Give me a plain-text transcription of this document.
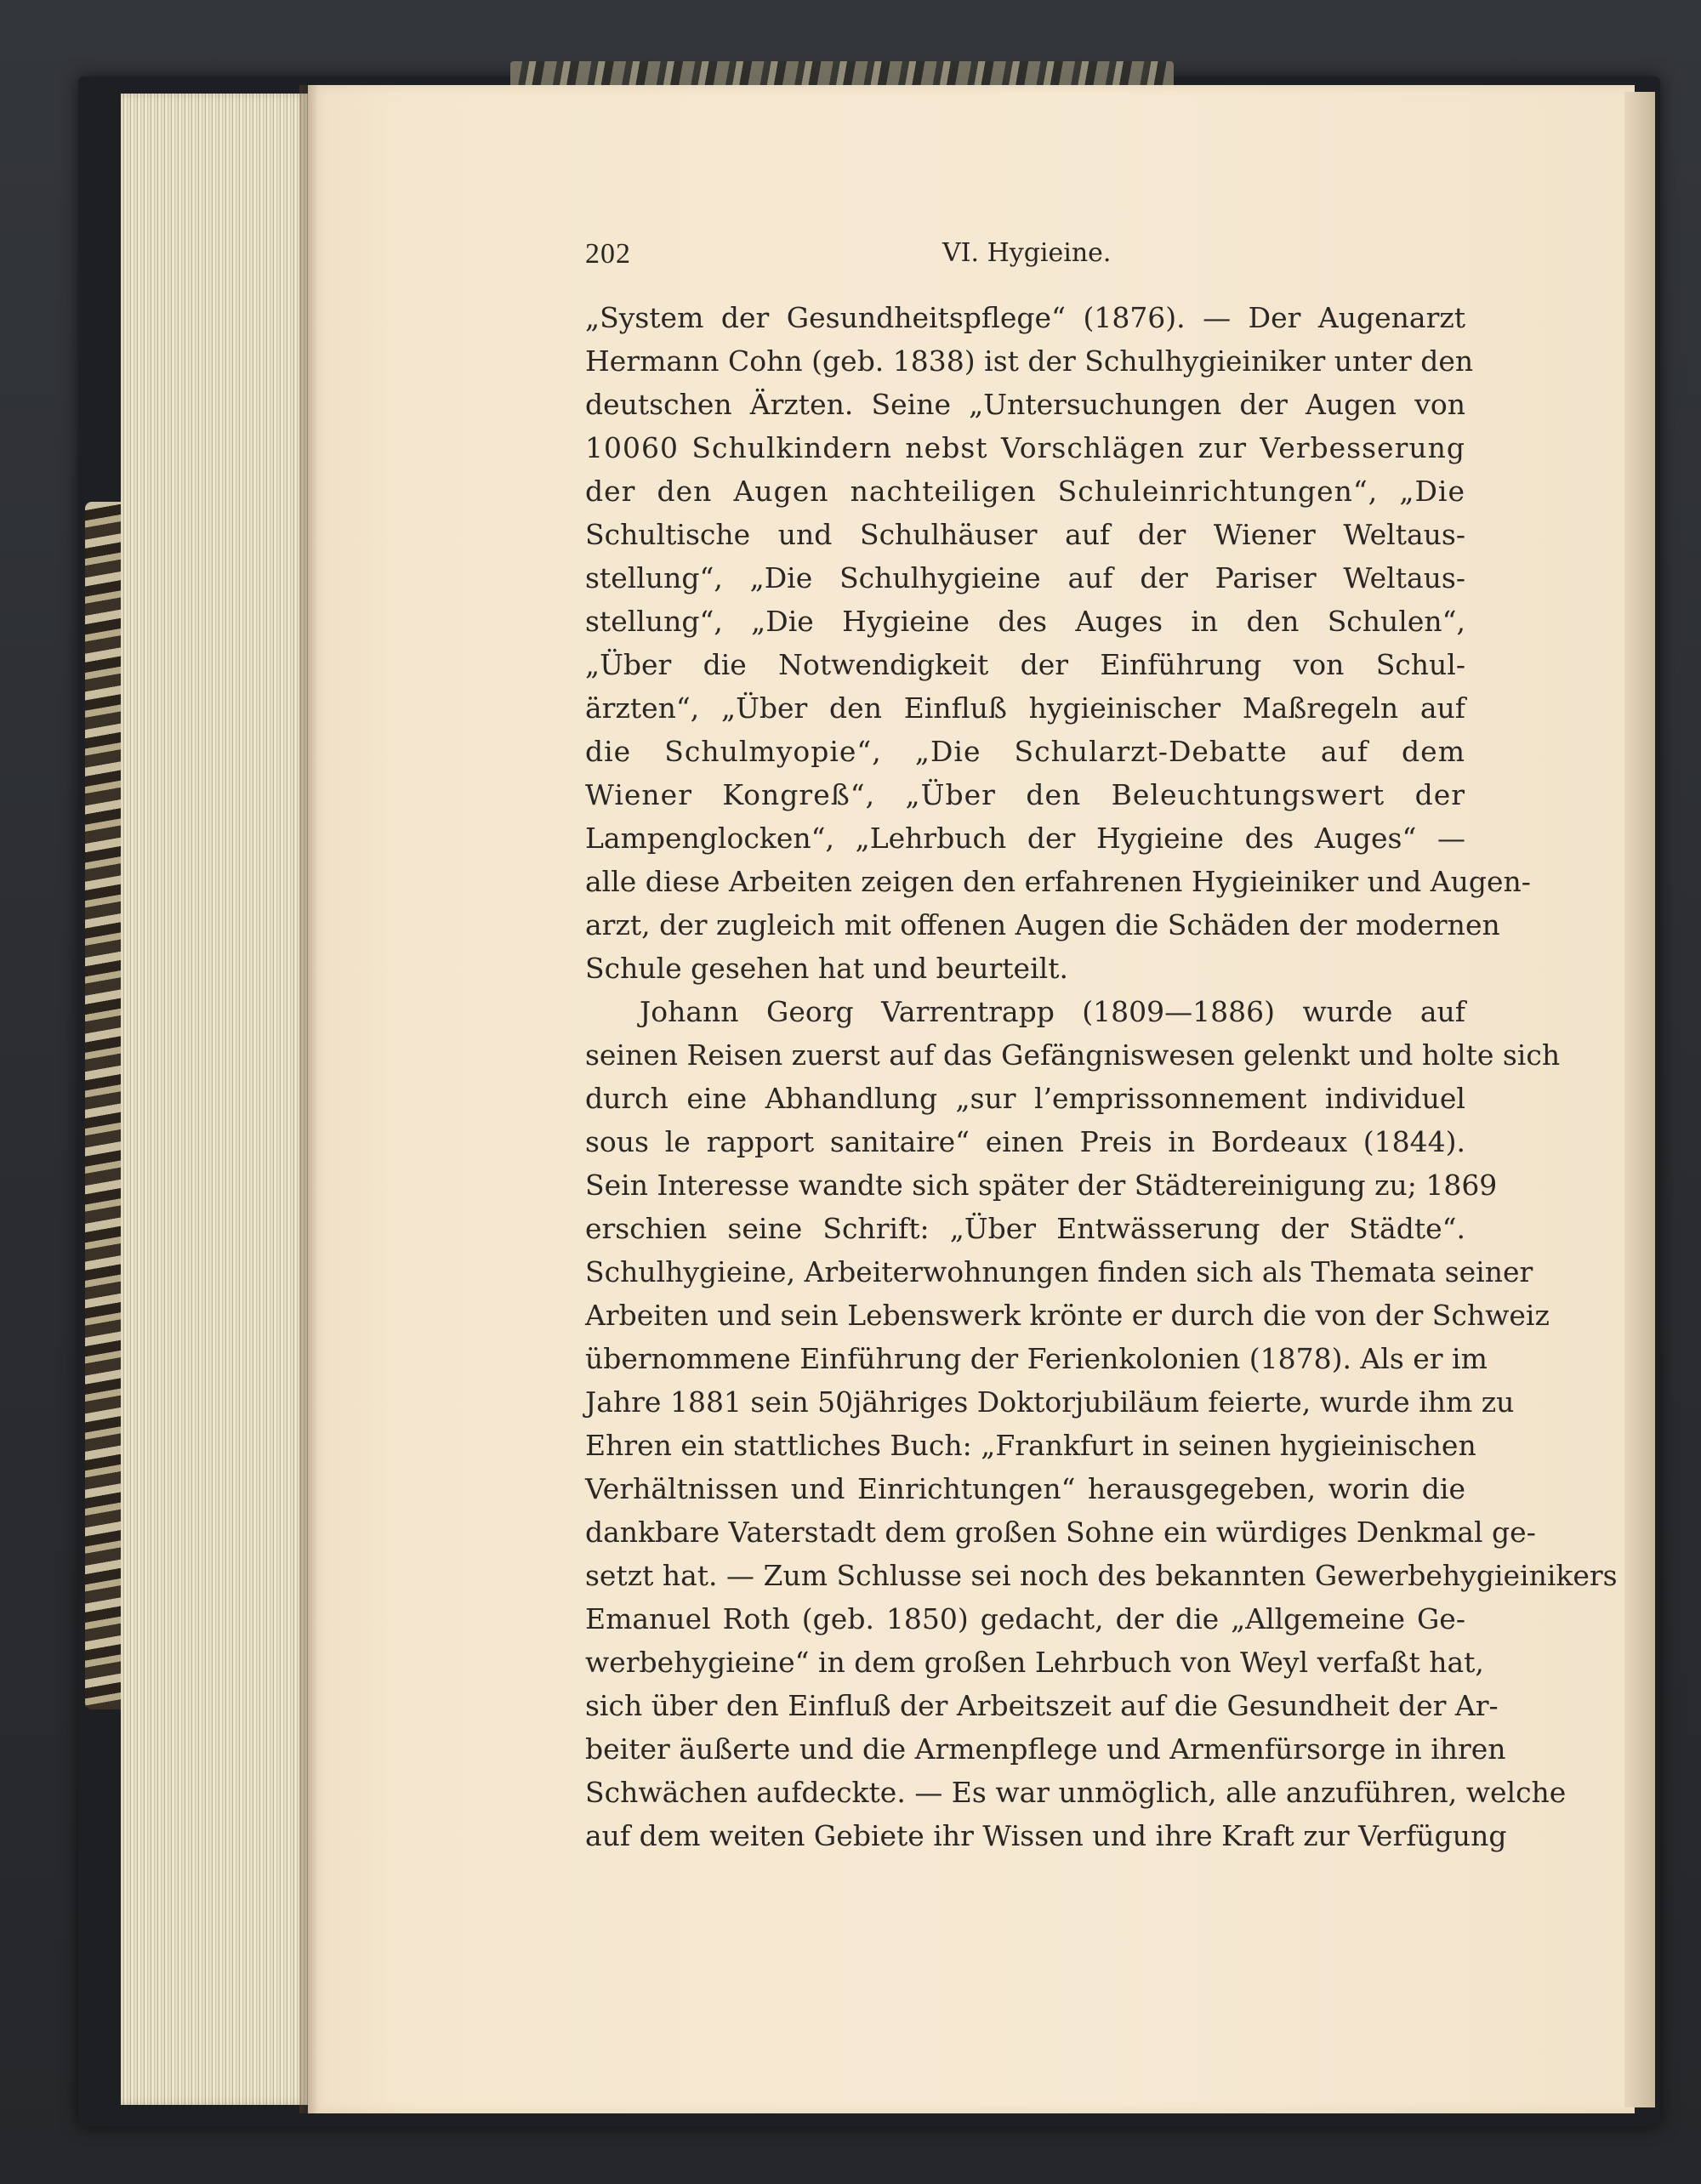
202	VI. Hygieine.
„System der Gesundheitspflege“ (1876). — Der Augenarzt
Hermann Cohn (geb. 1838) ist der Schulhygieiniker unter den
deutschen Ärzten. Seine „Untersuchungen der Augen von
10060 Schulkindern nebst Vorschlägen zur Verbesserung
der den Augen nachteiligen Schuleinrichtungen“, „Die
Schultische und Schulhäuser auf der Wiener Weltaus-
stellung“, „Die Schulhygieine auf der Pariser Weltaus-
stellung“, „Die Hygieine des Auges in den Schulen“,
„Über die Notwendigkeit der Einführung von Schul-
ärzten“, „Über den Einfluß hygieinischer Maßregeln auf
die Schulmyopie“, „Die Schularzt-Debatte auf dem
Wiener Kongreß“, „Über den Beleuchtungswert der
Lampenglocken“, „Lehrbuch der Hygieine des Auges“ —
alle diese Arbeiten zeigen den erfahrenen Hygieiniker und Augen-
arzt, der zugleich mit offenen Augen die Schäden der modernen
Schule gesehen hat und beurteilt.
Johann Georg Varrentrapp (1809—1886) wurde auf
seinen Reisen zuerst auf das Gefängniswesen gelenkt und holte sich
durch eine Abhandlung „sur l’emprissonnement individuel
sous le rapport sanitaire“ einen Preis in Bordeaux (1844).
Sein Interesse wandte sich später der Städtereinigung zu; 1869
erschien seine Schrift: „Über Entwässerung der Städte“.
Schulhygieine, Arbeiterwohnungen finden sich als Themata seiner
Arbeiten und sein Lebenswerk krönte er durch die von der Schweiz
übernommene Einführung der Ferienkolonien (1878). Als er im
Jahre 1881 sein 50jähriges Doktorjubiläum feierte, wurde ihm zu
Ehren ein stattliches Buch: „Frankfurt in seinen hygieinischen
Verhältnissen und Einrichtungen“ herausgegeben, worin die
dankbare Vaterstadt dem großen Sohne ein würdiges Denkmal ge-
setzt hat. — Zum Schlusse sei noch des bekannten Gewerbehygieinikers
Emanuel Roth (geb. 1850) gedacht, der die „Allgemeine Ge-
werbehygieine“ in dem großen Lehrbuch von Weyl verfaßt hat,
sich über den Einfluß der Arbeitszeit auf die Gesundheit der Ar-
beiter äußerte und die Armenpflege und Armenfürsorge in ihren
Schwächen aufdeckte. — Es war unmöglich, alle anzuführen, welche
auf dem weiten Gebiete ihr Wissen und ihre Kraft zur Verfügung
